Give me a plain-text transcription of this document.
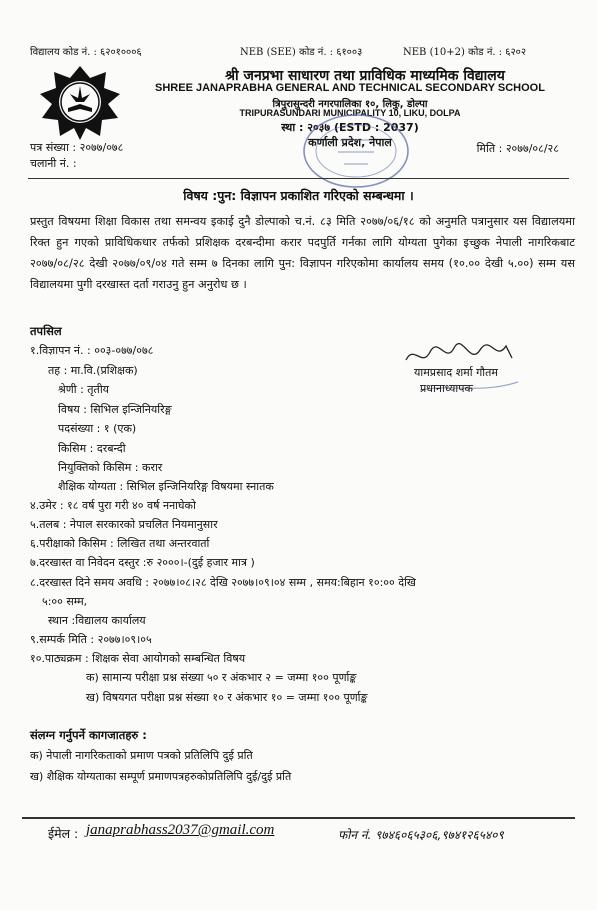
विद्यालय कोड नं. : ६२०१०००६	NEB (SEE) कोड नं. : ६१००३	NEB (10+2) कोड नं. : ६२०२
श्री जनप्रभा साधारण तथा प्राविधिक माध्यमिक विद्यालय
SHREE JANAPRABHA GENERAL AND TECHNICAL SECONDARY SCHOOL
त्रिपुरासुन्दरी नगरपालिका १०, लिकु, डोल्पा
TRIPURASUNDARI MUNICIPALITY 10, LIKU, DOLPA
स्था : २०३७ (ESTD : 2037)
कर्णाली प्रदेश, नेपाल
पत्र संख्या : २०७७/०७८
चलानी नं. :
मिति : २०७७/०८/२८
विषय :पुन: विज्ञापन प्रकाशित गरिएको सम्बन्धमा ।
प्रस्तुत विषयमा शिक्षा विकास तथा समन्वय इकाई दुनै डोल्पाको च.नं. ८३ मिति २०७७/०६/१८ को अनुमति पत्रानुसार यस विद्यालयमा रिक्त हुन गएको प्राविधिकधार तर्फको प्रशिक्षक दरबन्दीमा करार पदपुर्ति गर्नका लागि योग्यता पुगेका इच्छुक नेपाली नागरिकबाट २०७७/०८/२८ देखी २०७७/०९/०४ गते सम्म ७ दिनका लागि पुन: विज्ञापन गरिएकोमा कार्यालय समय (१०.०० देखी ५.००) सम्म यस विद्यालयमा पुगी दरखास्त दर्ता गराउनु हुन अनुरोध छ ।
तपसिल
१.विज्ञापन नं. : ००३-०७७/०७८
तह : मा.वि.(प्रशिक्षक)
श्रेणी : तृतीय
विषय : सिभिल इन्जिनियरिङ्ग
पदसंख्या : १ (एक)
किसिम : दरबन्दी
नियुक्तिको किसिम : करार
शैक्षिक योग्यता : सिभिल इन्जिनियरिङ्ग विषयमा स्नातक
४.उमेर : १८ वर्ष पुरा गरी ४० वर्ष ननाघेको
५.तलब : नेपाल सरकारको प्रचलित नियमानुसार
६.परीक्षाको किसिम : लिखित तथा अन्तरवार्ता
७.दरखास्त वा निवेदन दस्तुर :रु २०००।-(दुई हजार मात्र )
८.दरखास्त दिने समय अवधि : २०७७।०८।२८ देखि २०७७।०९।०४ सम्म , समय:बिहान १०:०० देखि
५:०० सम्म,
स्थान :विद्यालय कार्यालय
९.सम्पर्क मिति : २०७७।०९।०५
१०.पाठ्यक्रम : शिक्षक सेवा आयोगको सम्बन्धित विषय
क) सामान्य परीक्षा प्रश्न संख्या ५० र अंकभार २ = जम्मा १०० पूर्णाङ्क
ख) विषयगत परीक्षा प्रश्न संख्या १० र अंकभार १० = जम्मा १०० पूर्णाङ्क
यामप्रसाद शर्मा गौतम
प्रधानाध्यापक
संलग्न गर्नुपर्ने कागजातहरु :
क) नेपाली नागरिकताको प्रमाण पत्रको प्रतिलिपि दुई प्रति
ख) शैक्षिक योग्यताका सम्पूर्ण प्रमाणपत्रहरुकोप्रतिलिपि दुई/दुई प्रति
ईमेल : janaprabhass2037@gmail.com	फोन नं. ९७४६०६५३०६,९७४१२६५४०९
